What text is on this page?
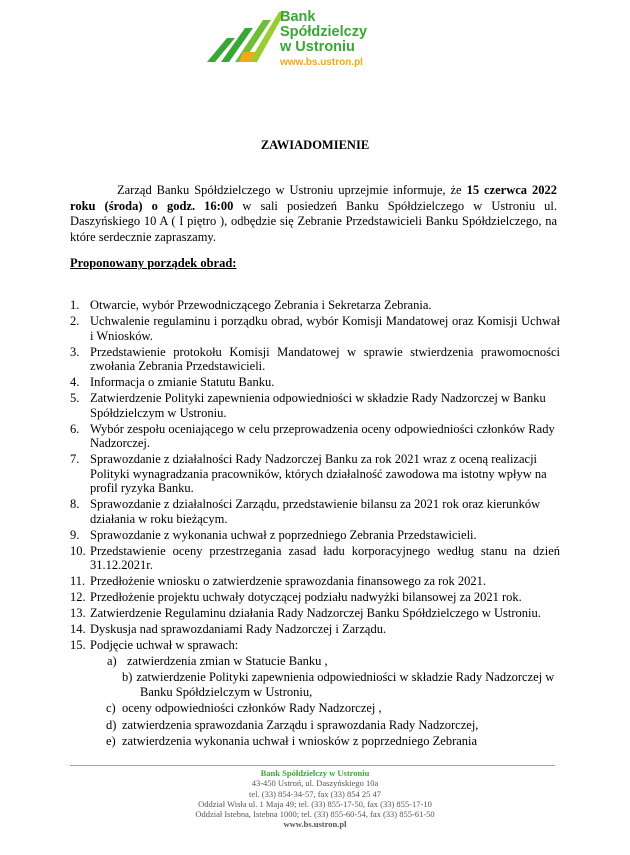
Bank
Spółdzielczy
w Ustroniu
www.bs.ustron.pl
ZAWIADOMIENIE

Zarząd Banku Spółdzielczego w Ustroniu uprzejmie informuje, że 15 czerwca 2022 roku (środa) o godz. 16:00 w sali posiedzeń Banku Spółdzielczego w Ustroniu ul. Daszyńskiego 10 A ( I piętro ), odbędzie się Zebranie Przedstawicieli Banku Spółdzielczego, na które serdecznie zapraszamy.

Proponowany porządek obrad:
1. Otwarcie, wybór Przewodniczącego Zebrania i Sekretarza Zebrania.
2. Uchwalenie regulaminu i porządku obrad, wybór Komisji Mandatowej oraz Komisji Uchwał i Wniosków.
3. Przedstawienie protokołu Komisji Mandatowej w sprawie stwierdzenia prawomocności zwołania Zebrania Przedstawicieli.
4. Informacja o zmianie Statutu Banku.
5. Zatwierdzenie Polityki zapewnienia odpowiedniości w składzie Rady Nadzorczej w Banku Spółdzielczym w Ustroniu.
6. Wybór zespołu oceniającego w celu przeprowadzenia oceny odpowiedniości członków Rady Nadzorczej.
7. Sprawozdanie z działalności Rady Nadzorczej Banku za rok 2021 wraz z oceną realizacji Polityki wynagradzania pracowników, których działalność zawodowa ma istotny wpływ na profil ryzyka Banku.
8. Sprawozdanie z działalności Zarządu, przedstawienie bilansu za 2021 rok oraz kierunków działania w roku bieżącym.
9. Sprawozdanie z wykonania uchwał z poprzedniego Zebrania Przedstawicieli.
10. Przedstawienie oceny przestrzegania zasad ładu korporacyjnego według stanu na dzień 31.12.2021r.
11. Przedłożenie wniosku o zatwierdzenie sprawozdania finansowego za rok 2021.
12. Przedłożenie projektu uchwały dotyczącej podziału nadwyżki bilansowej za 2021 rok.
13. Zatwierdzenie Regulaminu działania Rady Nadzorczej Banku Spółdzielczego w Ustroniu.
14. Dyskusja nad sprawozdaniami Rady Nadzorczej i Zarządu.
15. Podjęcie uchwał w sprawach:
a) zatwierdzenia zmian w Statucie Banku ,
b) zatwierdzenie Polityki zapewnienia odpowiedniości w składzie Rady Nadzorczej w Banku Spółdzielczym w Ustroniu,
c) oceny odpowiedniości członków Rady Nadzorczej ,
d) zatwierdzenia sprawozdania Zarządu i sprawozdania Rady Nadzorczej,
e) zatwierdzenia wykonania uchwał i wniosków z poprzedniego Zebrania
Bank Spółdzielczy w Ustroniu
43-450 Ustroń, ul. Daszyńskiego 10a
tel. (33) 854-34-57, fax (33) 854 25 47
Oddział Wisła ul. 1 Maja 49; tel. (33) 855-17-50, fax (33) 855-17-10
Oddział Istebna, Istebna 1000; tel. (33) 855-60-54, fax (33) 855-61-50
www.bs.ustron.pl
